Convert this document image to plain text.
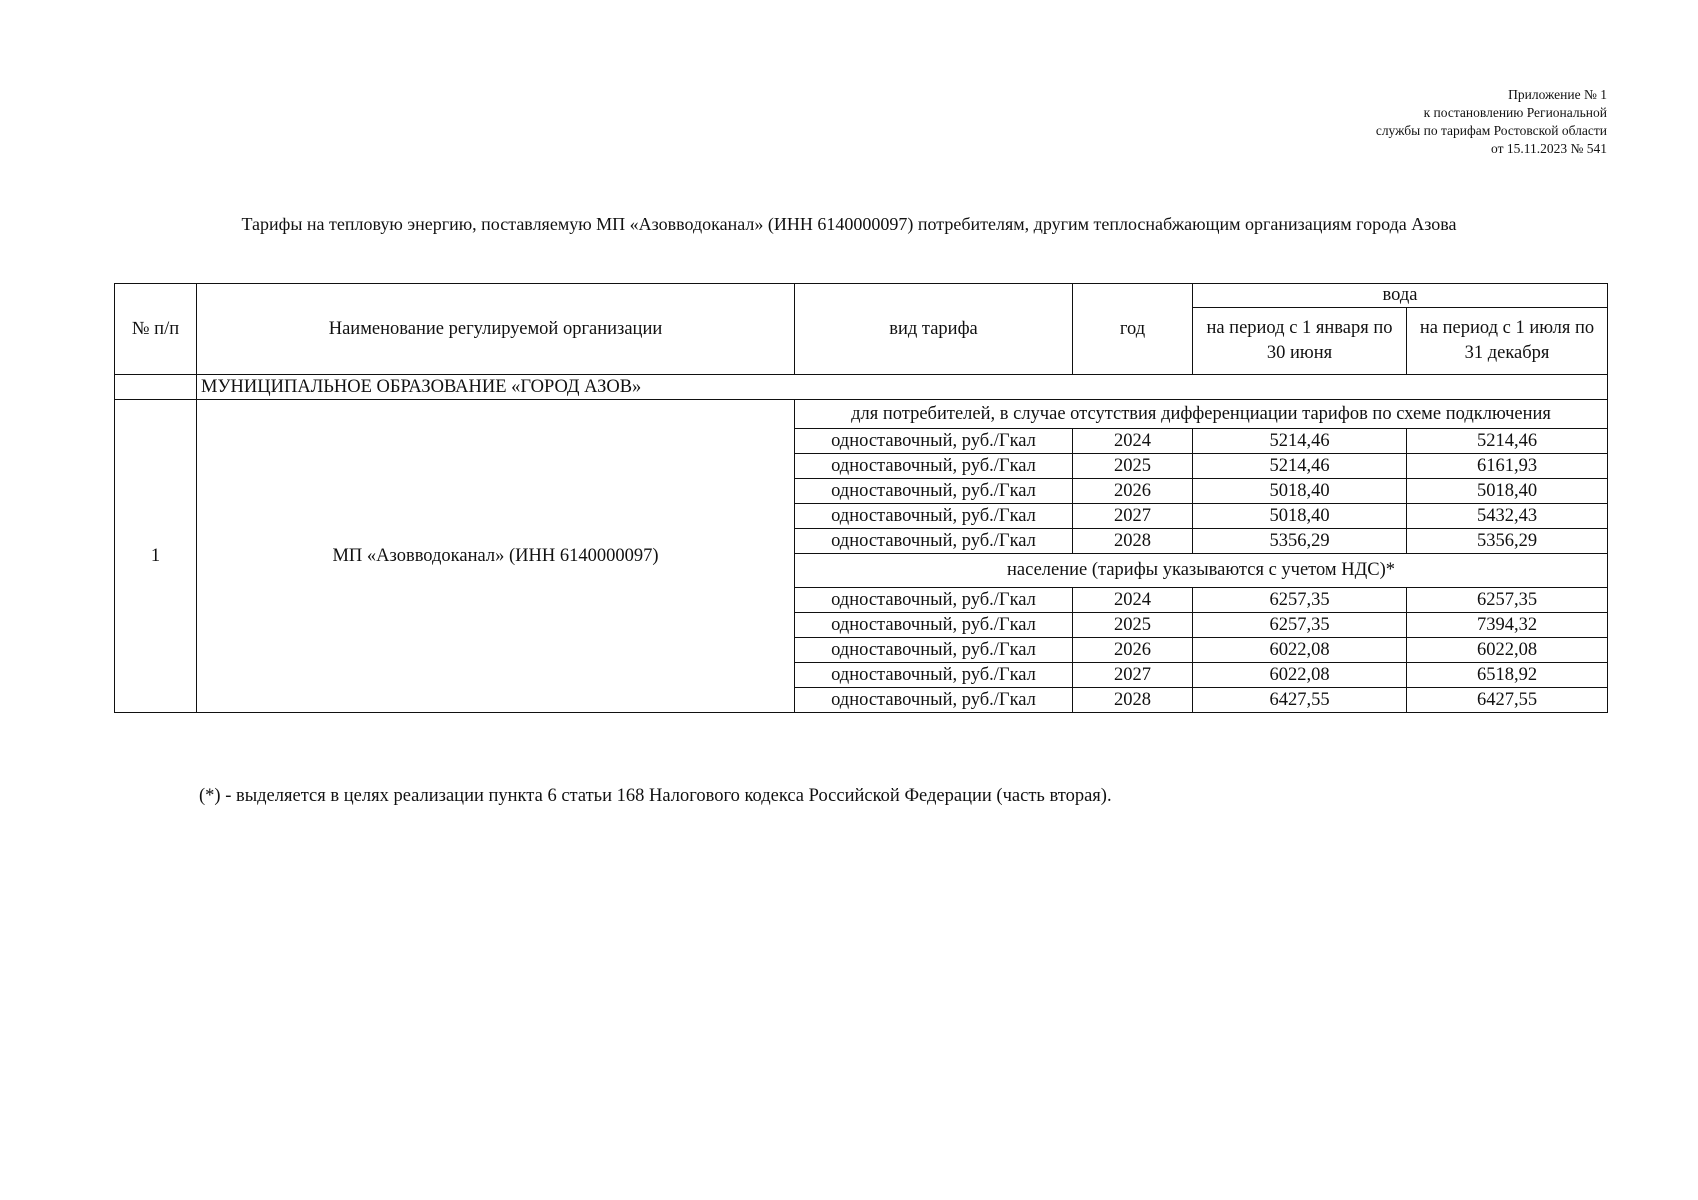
Приложение № 1
к постановлению Региональной
службы по тарифам Ростовской области
от 15.11.2023 № 541
Тарифы на тепловую энергию, поставляемую МП «Азовводоканал» (ИНН 6140000097) потребителям, другим теплоснабжающим организациям города Азова
№ п/п	Наименование регулируемой организации	вид тарифа	год	вода	
				на период с 1 января по 30 июня	на период с 1 июля по 31 декабря
	МУНИЦИПАЛЬНОЕ ОБРАЗОВАНИЕ «ГОРОД АЗОВ»				
1	МП «Азовводоканал» (ИНН 6140000097)	для потребителей, в случае отсутствия дифференциации тарифов по схеме подключения			
		одноставочный, руб./Гкал	2024	5214,46	5214,46
		одноставочный, руб./Гкал	2025	5214,46	6161,93
		одноставочный, руб./Гкал	2026	5018,40	5018,40
		одноставочный, руб./Гкал	2027	5018,40	5432,43
		одноставочный, руб./Гкал	2028	5356,29	5356,29
		население (тарифы указываются с учетом НДС)*			
		одноставочный, руб./Гкал	2024	6257,35	6257,35
		одноставочный, руб./Гкал	2025	6257,35	7394,32
		одноставочный, руб./Гкал	2026	6022,08	6022,08
		одноставочный, руб./Гкал	2027	6022,08	6518,92
		одноставочный, руб./Гкал	2028	6427,55	6427,55
(*) - выделяется в целях реализации пункта 6 статьи 168 Налогового кодекса Российской Федерации (часть вторая).
